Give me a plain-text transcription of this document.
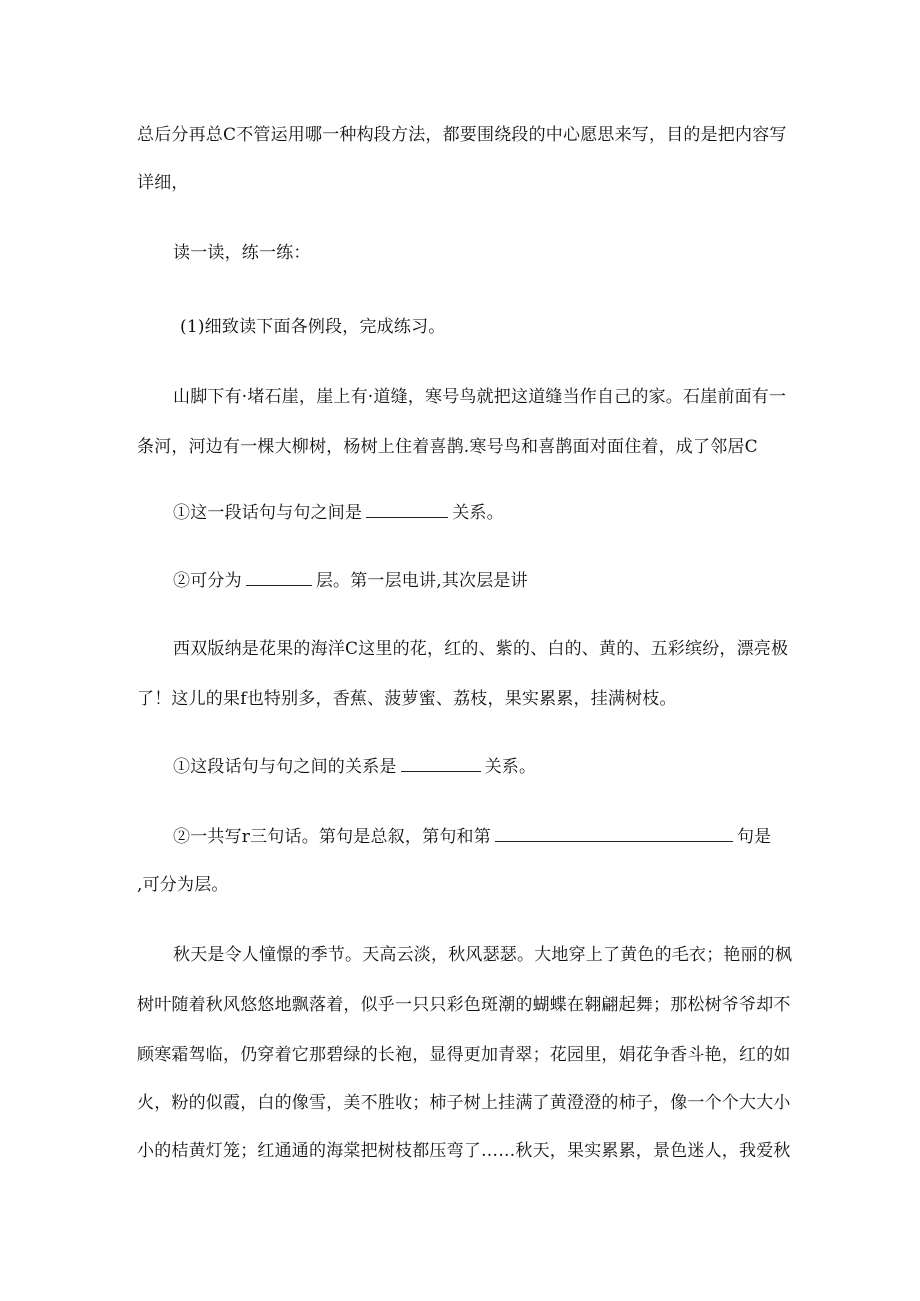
总后分再总C不管运用哪一种构段方法，都要围绕段的中心愿思来写，目的是把内容写
详细，
读一读，练一练：
(1)细致读下面各例段，完成练习。
山脚下有·堵石崖，崖上有·道缝，寒号鸟就把这道缝当作自己的家。石崖前面有一
条河，河边有一棵大柳树，杨树上住着喜鹊.寒号鸟和喜鹊面对面住着，成了邻居C
①这一段话句与句之间是	关系。
②可分为	层。第一层电讲,其次层是讲
西双版纳是花果的海洋C这里的花，红的、紫的、白的、黄的、五彩缤纷，漂亮极
了！这儿的果f也特别多，香蕉、菠萝蜜、荔枝，果实累累，挂满树枝。
①这段话句与句之间的关系是	关系。
②一共写r三句话。第句是总叙，第句和第	句是
,可分为层。
秋天是令人憧憬的季节。天高云淡，秋风瑟瑟。大地穿上了黄色的毛衣；艳丽的枫
树叶随着秋风悠悠地飘落着，似乎一只只彩色斑潮的蝴蝶在翱翩起舞；那松树爷爷却不
顾寒霜驾临，仍穿着它那碧绿的长袍，显得更加青翠；花园里，娟花争香斗艳，红的如
火，粉的似霞，白的像雪，美不胜收；柿子树上挂满了黄澄澄的柿子，像一个个大大小
小的桔黄灯笼；红通通的海棠把树枝都压弯了……秋天，果实累累，景色迷人，我爱秋
